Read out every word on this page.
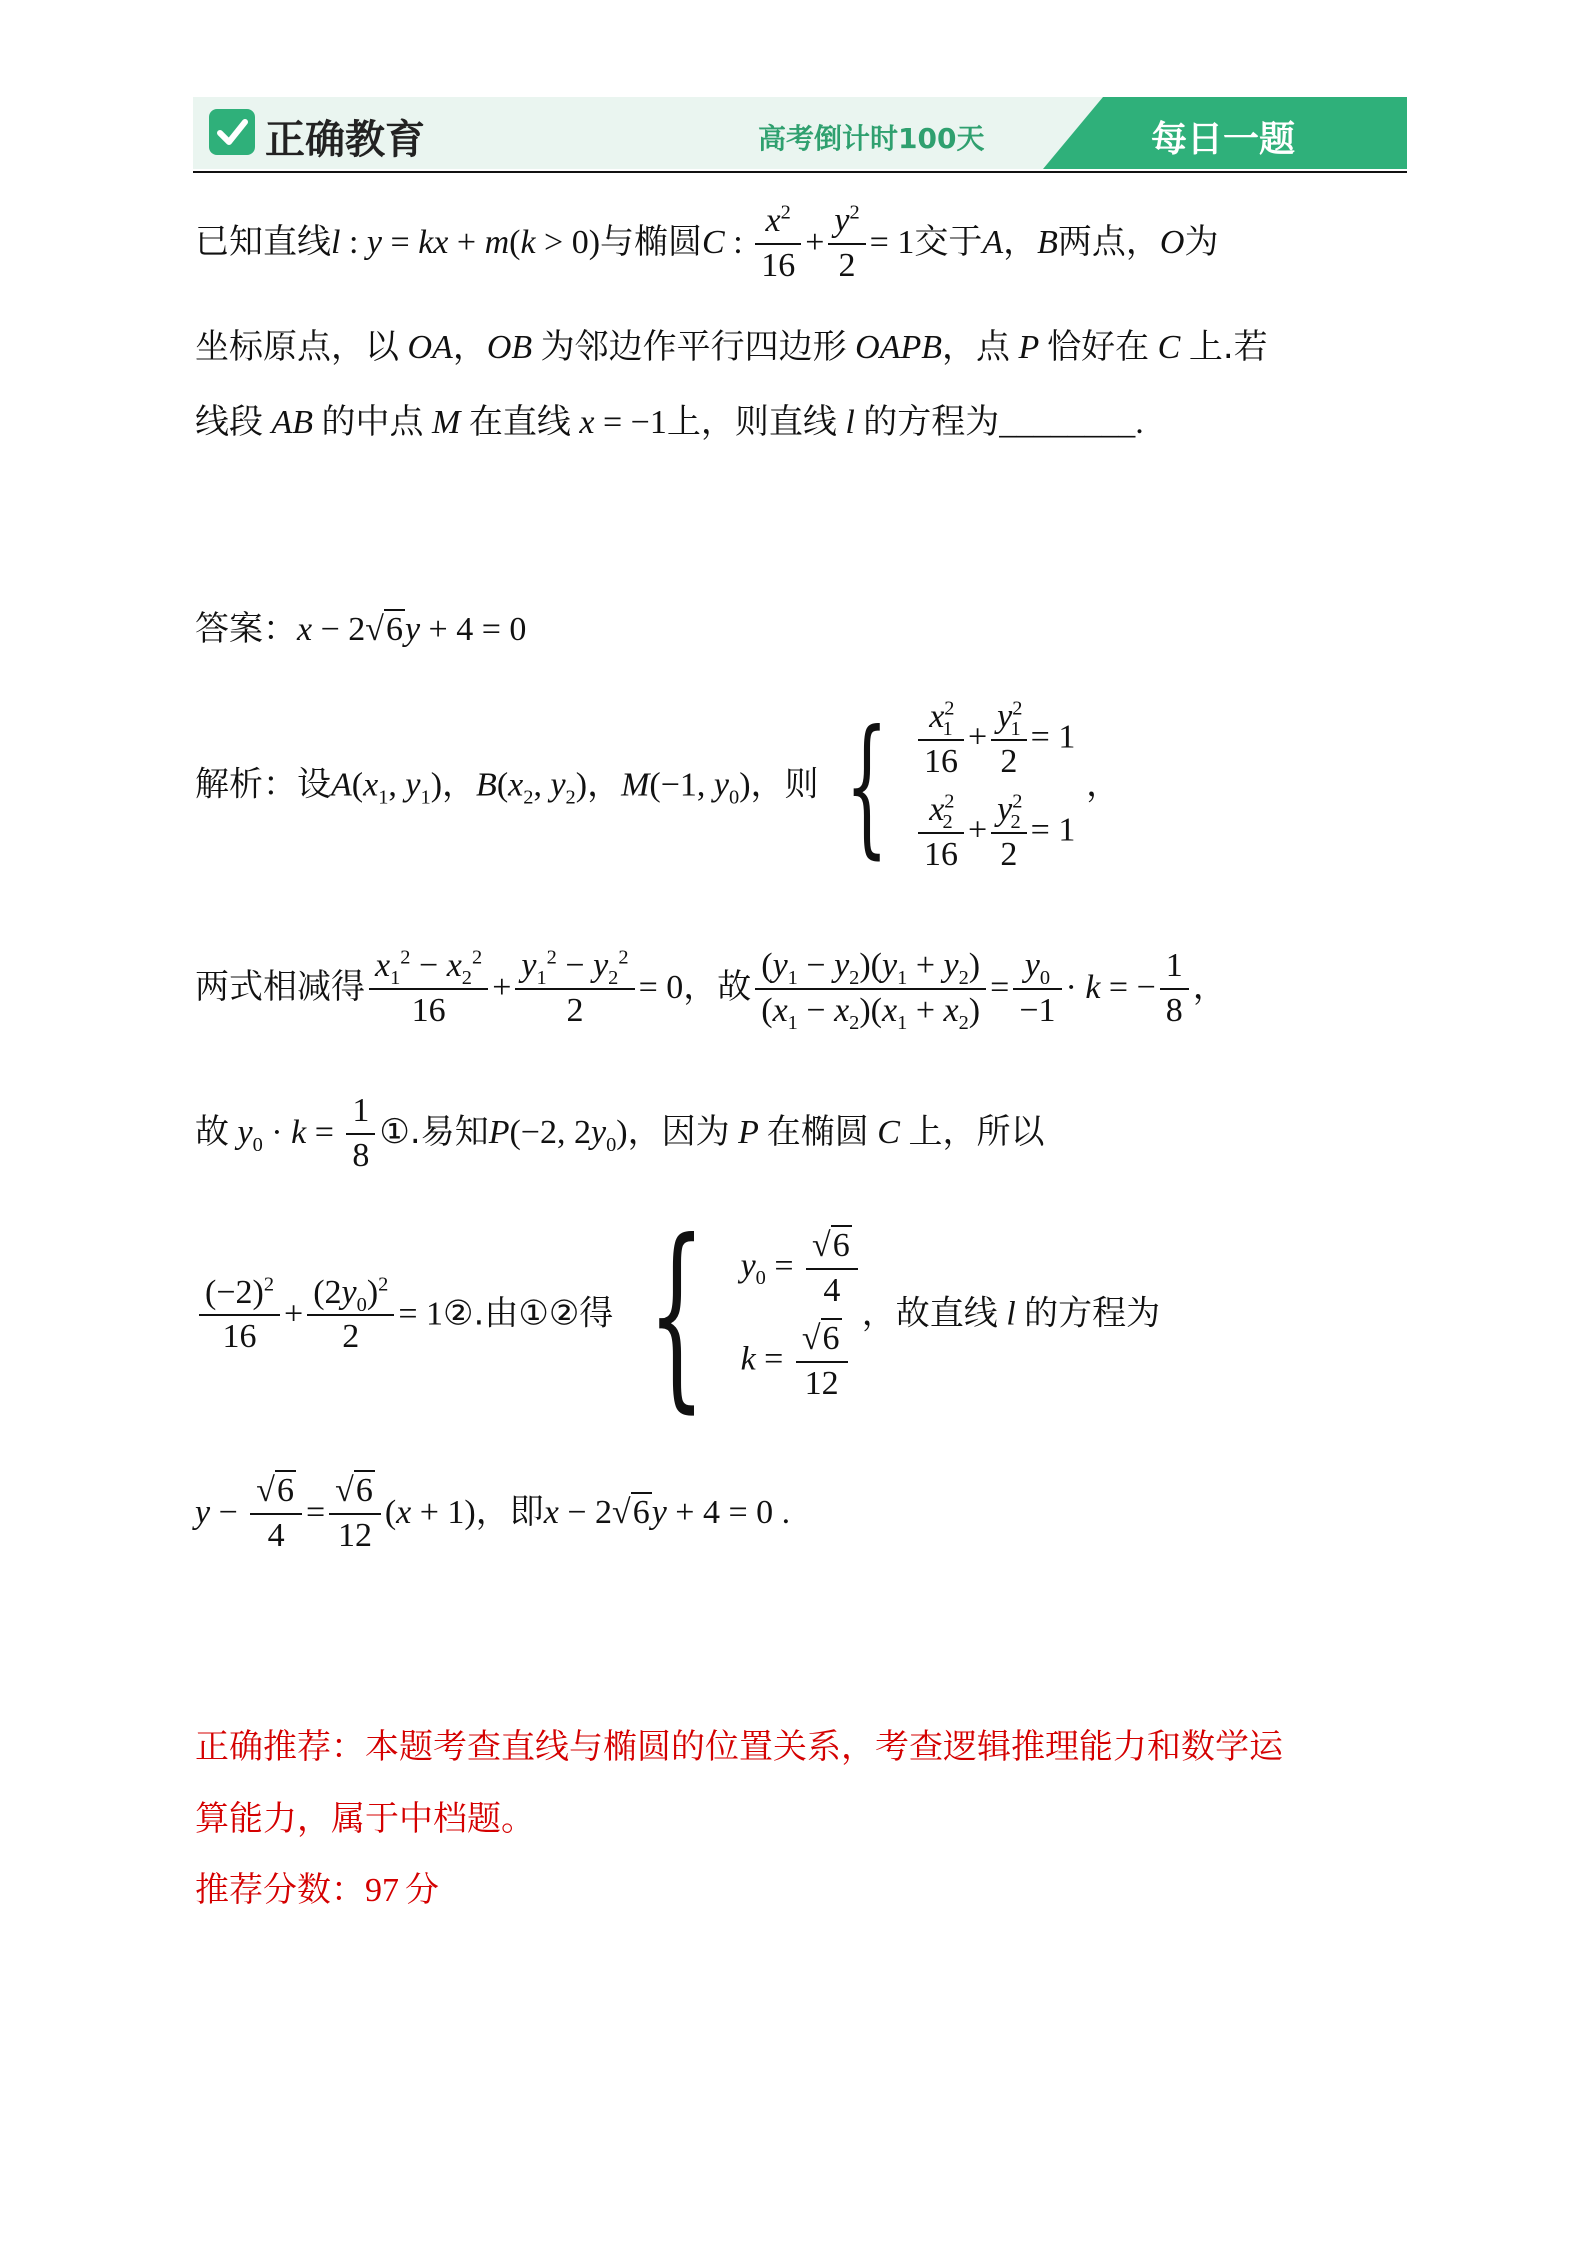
正确教育	高考倒计时100天	每日一题
已知直线l : y = kx + m(k > 0)与椭圆C : $\frac{x^2}{16} + \frac{y^2}{2} = 1$交于A，B两点，O为
坐标原点，以 OA，OB 为邻边作平行四边形 OAPB，点 P 恰好在 C 上.若
线段 AB 的中点 M 在直线 x = −1上，则直线 l 的方程为________.
答案：x − 2√6y + 4 = 0
解析：设$A(x_1$, $y_1$)，$B(x_2$, $y_2$)，M(−1, $y_0$)，则 { $\frac{x^2_1}{16} + \frac{y^2_1}{2} = 1$
$\frac{x^2_2}{16} + \frac{y^2_2}{2} = 1$
，
两式相减得 $\frac{x_1^2 - x_2^2}{16} + \frac{y_1^2 - y_2^2}{2} = 0$，故 $\frac{(y_1 - y_2)(y_1 + y_2)}{(x_1 - x_2)(x_1 + x_2)} = \frac{y_0}{-1} \cdot k$ = − $\frac{1}{8}$ ，
故 $y_0 \cdot k = \frac{1}{8}$ ①.易知P(−2, $2y_0$)，因为 P 在椭圆 C 上，所以
$\frac{(-2)^2}{16} + \frac{(2y_0)^2}{2}$ = 1②.由①②得 { $y_0 = \frac{√6}{4}$
$k = \frac{√6}{12}$
，故直线 l 的方程为
$y - \frac{√6}{4} = \frac{√6}{12} (x + 1)$，即x − 2√6y + 4 = 0 .
正确推荐：本题考查直线与椭圆的位置关系，考查逻辑推理能力和数学运
算能力，属于中档题。
推荐分数：97 分
